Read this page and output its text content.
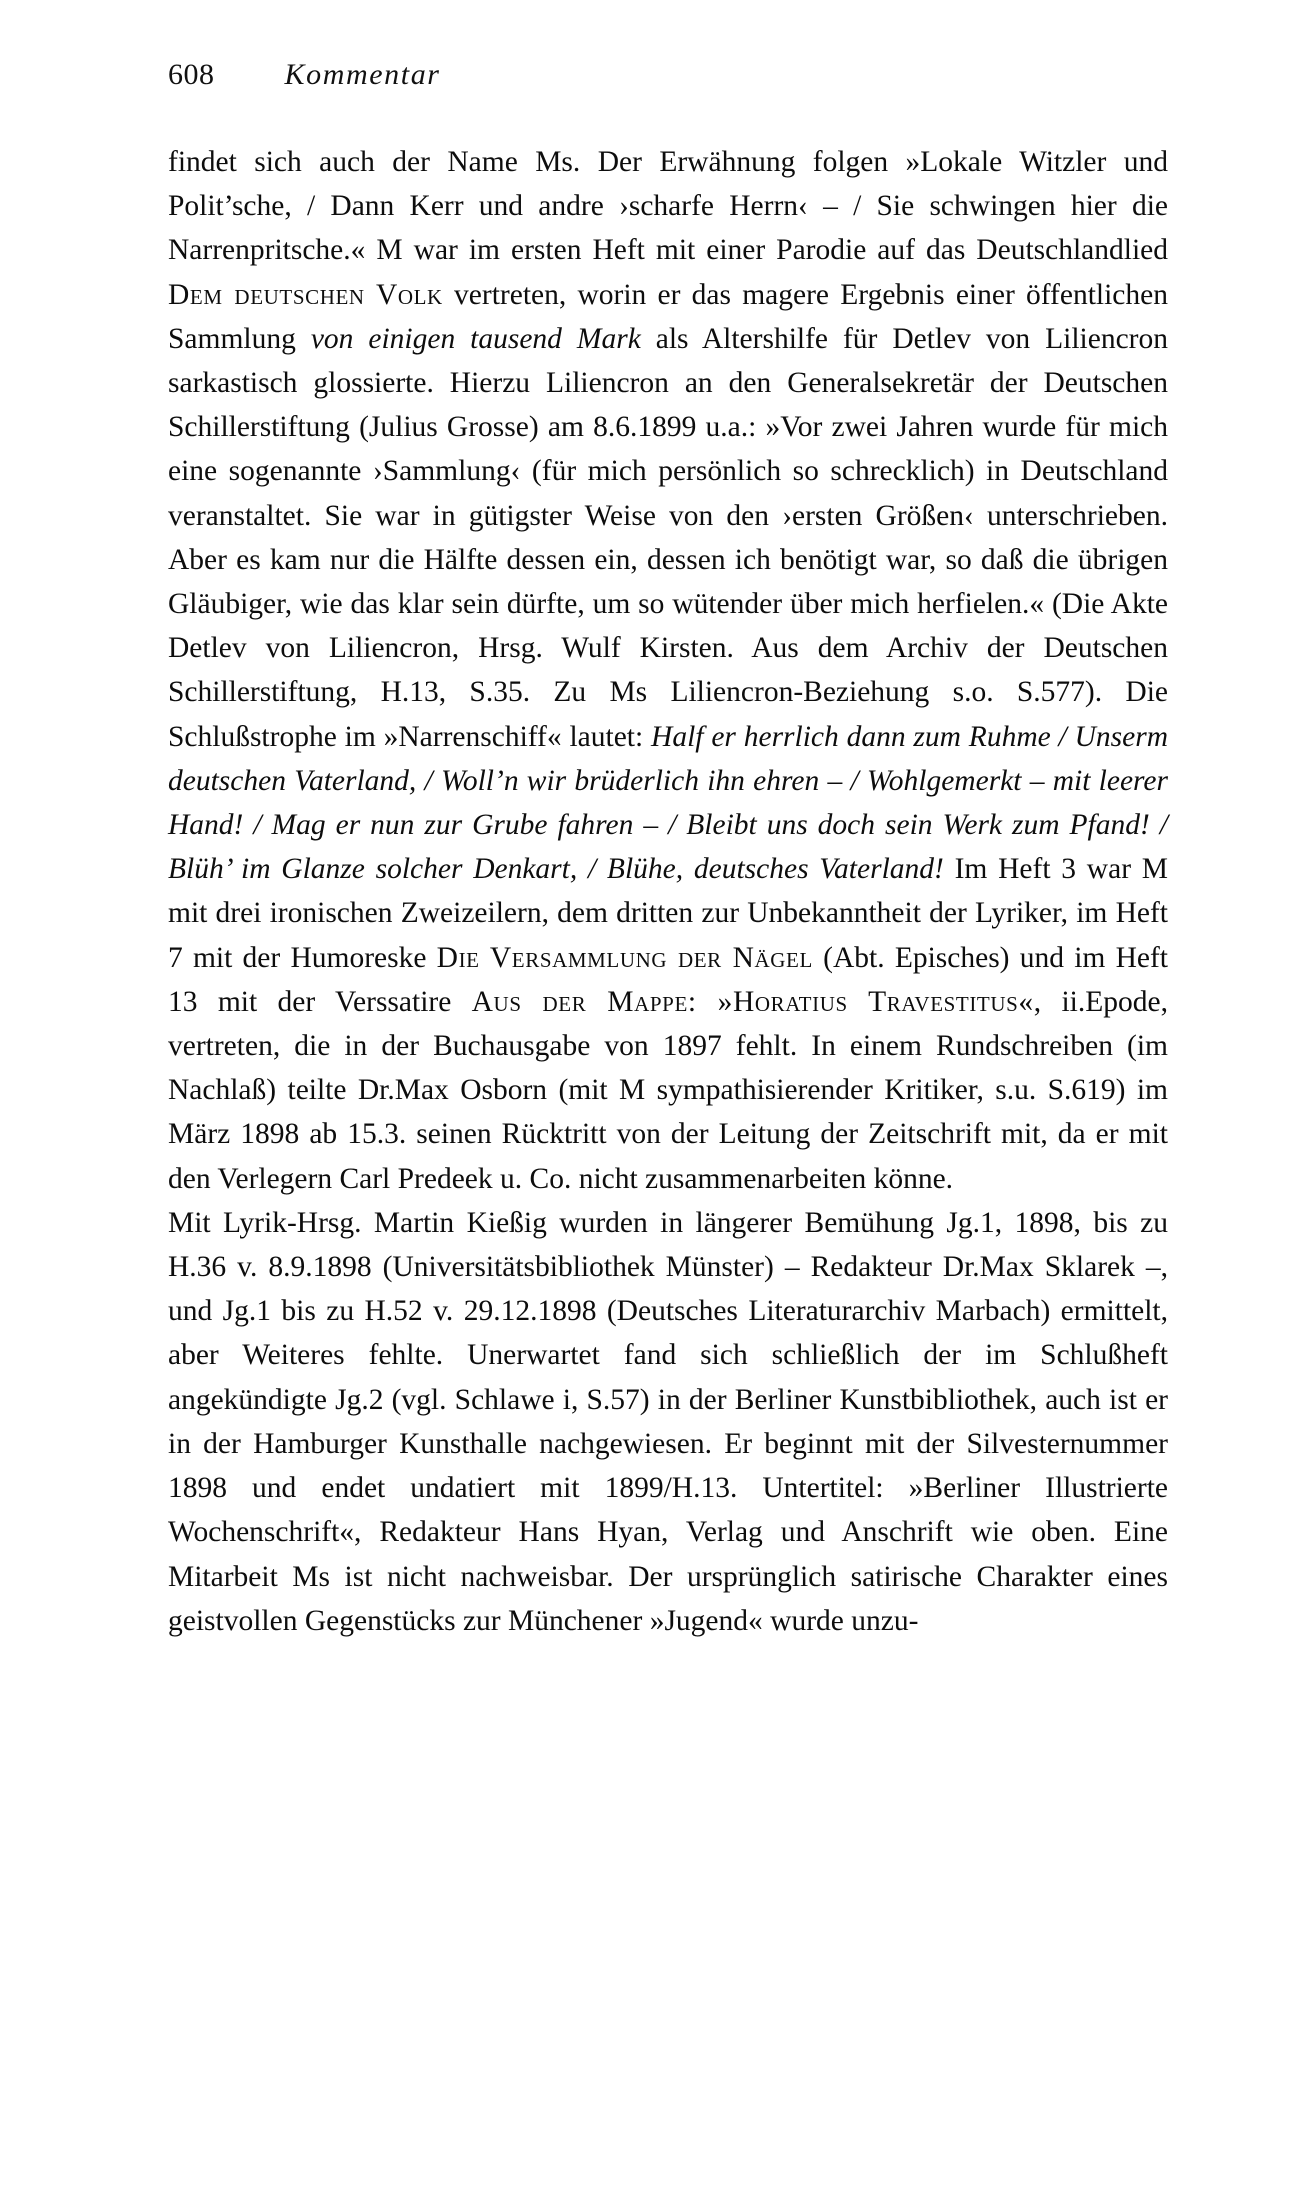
608 Kommentar

findet sich auch der Name Ms. Der Erwähnung folgen »Lokale Witzler und Polit’sche, / Dann Kerr und andre ›scharfe Herrn‹ – / Sie schwingen hier die Narrenpritsche.« M war im ersten Heft mit einer Parodie auf das Deutschlandlied Dem deutschen Volk vertreten, worin er das magere Ergebnis einer öffentlichen Sammlung von einigen tausend Mark als Altershilfe für Detlev von Liliencron sarkastisch glossierte. Hierzu Liliencron an den Generalsekretär der Deutschen Schillerstiftung (Julius Grosse) am 8.6.1899 u.a.: »Vor zwei Jahren wurde für mich eine sogenannte ›Sammlung‹ (für mich persönlich so schrecklich) in Deutschland veranstaltet. Sie war in gütigster Weise von den ›ersten Größen‹ unterschrieben. Aber es kam nur die Hälfte dessen ein, dessen ich benötigt war, so daß die übrigen Gläubiger, wie das klar sein dürfte, um so wütender über mich herfielen.« (Die Akte Detlev von Liliencron, Hrsg. Wulf Kirsten. Aus dem Archiv der Deutschen Schillerstiftung, H.13, S.35. Zu Ms Liliencron-Beziehung s.o. S.577). Die Schlußstrophe im »Narrenschiff« lautet: Half er herrlich dann zum Ruhme / Unserm deutschen Vaterland, / Woll’n wir brüderlich ihn ehren – / Wohlgemerkt – mit leerer Hand! / Mag er nun zur Grube fahren – / Bleibt uns doch sein Werk zum Pfand! / Blüh’ im Glanze solcher Denkart, / Blühe, deutsches Vaterland! Im Heft 3 war M mit drei ironischen Zweizeilern, dem dritten zur Unbekanntheit der Lyriker, im Heft 7 mit der Humoreske Die Versammlung der Nägel (Abt. Episches) und im Heft 13 mit der Verssatire Aus der Mappe: »Horatius Travestitus«, ii.Epode, vertreten, die in der Buchausgabe von 1897 fehlt. In einem Rundschreiben (im Nachlaß) teilte Dr.Max Osborn (mit M sympathisierender Kritiker, s.u. S.619) im März 1898 ab 15.3. seinen Rücktritt von der Leitung der Zeitschrift mit, da er mit den Verlegern Carl Predeek u. Co. nicht zusammenarbeiten könne.

Mit Lyrik-Hrsg. Martin Kießig wurden in längerer Bemühung Jg.1, 1898, bis zu H.36 v. 8.9.1898 (Universitätsbibliothek Münster) – Redakteur Dr.Max Sklarek –, und Jg.1 bis zu H.52 v. 29.12.1898 (Deutsches Literaturarchiv Marbach) ermittelt, aber Weiteres fehlte. Unerwartet fand sich schließlich der im Schlußheft angekündigte Jg.2 (vgl. Schlawe i, S.57) in der Berliner Kunstbibliothek, auch ist er in der Hamburger Kunsthalle nachgewiesen. Er beginnt mit der Silvesternummer 1898 und endet undatiert mit 1899/H.13. Untertitel: »Berliner Illustrierte Wochenschrift«, Redakteur Hans Hyan, Verlag und Anschrift wie oben. Eine Mitarbeit Ms ist nicht nachweisbar. Der ursprünglich satirische Charakter eines geistvollen Gegenstücks zur Münchener »Jugend« wurde unzu-
